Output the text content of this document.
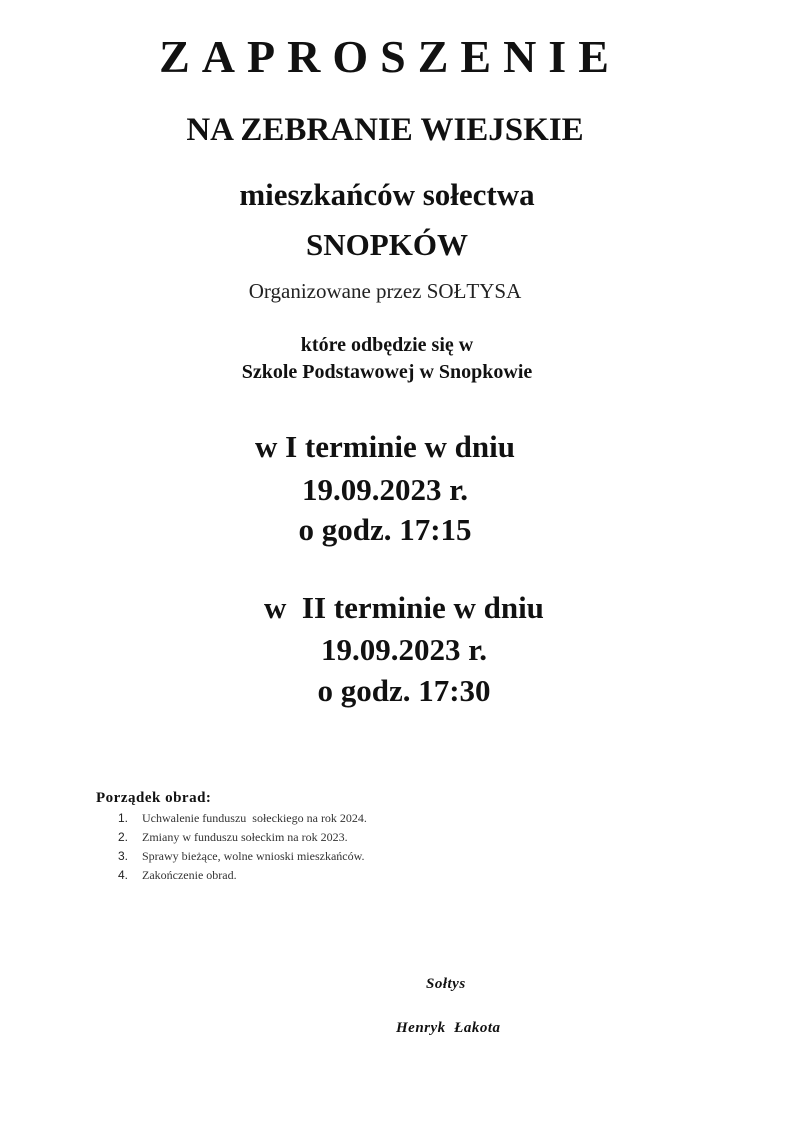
ZAPROSZENIE
NA ZEBRANIE WIEJSKIE
mieszkańców sołectwa
SNOPKÓW
Organizowane przez SOŁTYSA
które odbędzie się w
Szkole Podstawowej w Snopkowie
w I terminie w dniu
19.09.2023 r.
o godz. 17:15
w  II terminie w dniu
19.09.2023 r.
o godz. 17:30
Porządek obrad:
1.	Uchwalenie funduszu  sołeckiego na rok 2024.
2.	Zmiany w funduszu sołeckim na rok 2023.
3.	Sprawy bieżące, wolne wnioski mieszkańców.
4.	Zakończenie obrad.
Sołtys
Henryk  Łakota
